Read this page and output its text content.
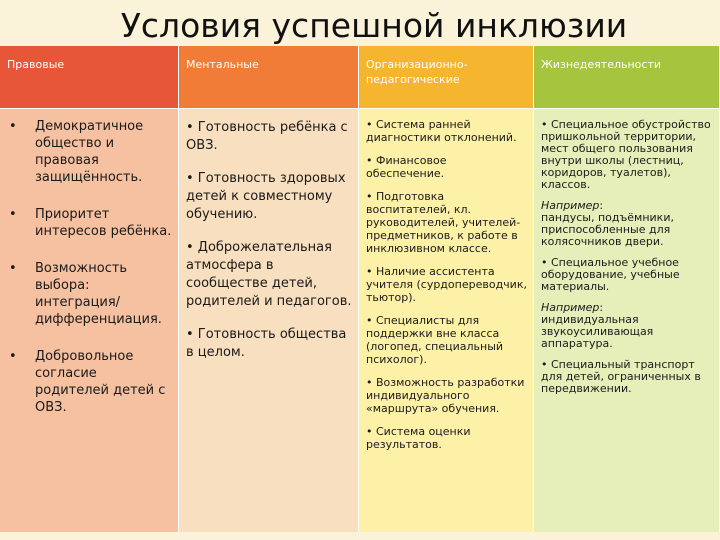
Условия успешной инклюзии
Правовые	Ментальные	Организационно-педагогические
Жизнедеятельности
• Демократичное общество и правовая защищённость.
• Приоритет интересов ребёнка.
• Возможность выбора: интеграция/дифференциация.
• Добровольное согласие родителей детей с ОВЗ.

• Готовность ребёнка с ОВЗ.

• Готовность здоровых детей к совместному обучению.

• Доброжелательная атмосфера в сообществе детей, родителей и педагогов.

• Готовность общества в целом.

• Система ранней диагностики отклонений.

• Финансовое обеспечение.

• Подготовка воспитателей, кл. руководителей, учителей-предметников, к работе в инклюзивном классе.

• Наличие ассистента учителя (сурдопереводчик, тьютор).

• Специалисты для поддержки вне класса (логопед, специальный психолог).

• Возможность разработки индивидуального «маршрута» обучения.

• Система оценки результатов.

• Специальное обустройство пришкольной территории, мест общего пользования внутри школы (лестниц, коридоров, туалетов), классов.

Например:
пандусы, подъёмники, приспособленные для колясочников двери.

• Специальное учебное оборудование, учебные материалы.

Например:
индивидуальная звукоусиливающая аппаратура.

• Специальный транспорт для детей, ограниченных в передвижении.
